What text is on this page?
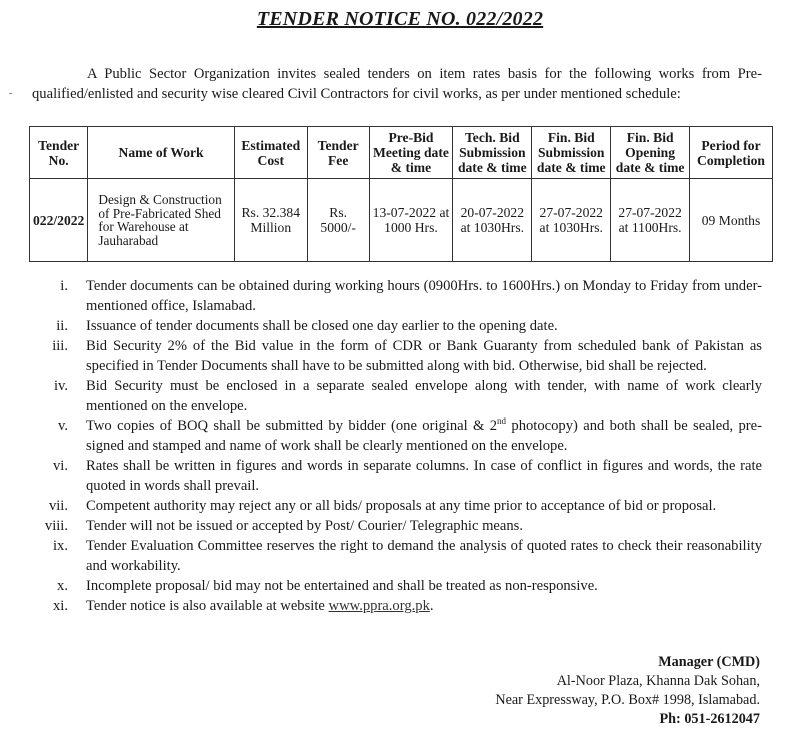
TENDER NOTICE NO. 022/2022
-

A Public Sector Organization invites sealed tenders on item rates basis for the following works from Pre-qualified/enlisted and security wise cleared Civil Contractors for civil works, as per under mentioned schedule:

Tender No.	Name of Work	Estimated Cost	Tender Fee	Pre-Bid Meeting date & time	Tech. Bid Submission date & time	Fin. Bid Submission date & time	Fin. Bid Opening date & time	Period for Completion
022/2022	Design & Construction of Pre-Fabricated Shed for Warehouse at Jauharabad	Rs. 32.384 Million	Rs. 5000/-	13-07-2022 at 1000 Hrs.	20-07-2022 at 1030Hrs.	27-07-2022 at 1030Hrs.	27-07-2022 at 1100Hrs.	09 Months
i. Tender documents can be obtained during working hours (0900Hrs. to 1600Hrs.) on Monday to Friday from under- mentioned office, Islamabad.
ii. Issuance of tender documents shall be closed one day earlier to the opening date.
iii. Bid Security 2% of the Bid value in the form of CDR or Bank Guaranty from scheduled bank of Pakistan as specified in Tender Documents shall have to be submitted along with bid. Otherwise, bid shall be rejected.
iv. Bid Security must be enclosed in a separate sealed envelope along with tender, with name of work clearly mentioned on the envelope.
v. Two copies of BOQ shall be submitted by bidder (one original & 2nd photocopy) and both shall be sealed, pre-signed and stamped and name of work shall be clearly mentioned on the envelope.
vi. Rates shall be written in figures and words in separate columns. In case of conflict in figures and words, the rate quoted in words shall prevail.
vii. Competent authority may reject any or all bids/ proposals at any time prior to acceptance of bid or proposal.
viii. Tender will not be issued or accepted by Post/ Courier/ Telegraphic means.
ix. Tender Evaluation Committee reserves the right to demand the analysis of quoted rates to check their reasonability and workability.
x. Incomplete proposal/ bid may not be entertained and shall be treated as non-responsive.
xi. Tender notice is also available at website www.ppra.org.pk.
Manager (CMD)
Al-Noor Plaza, Khanna Dak Sohan,
Near Expressway, P.O. Box# 1998, Islamabad.
Ph: 051-2612047
